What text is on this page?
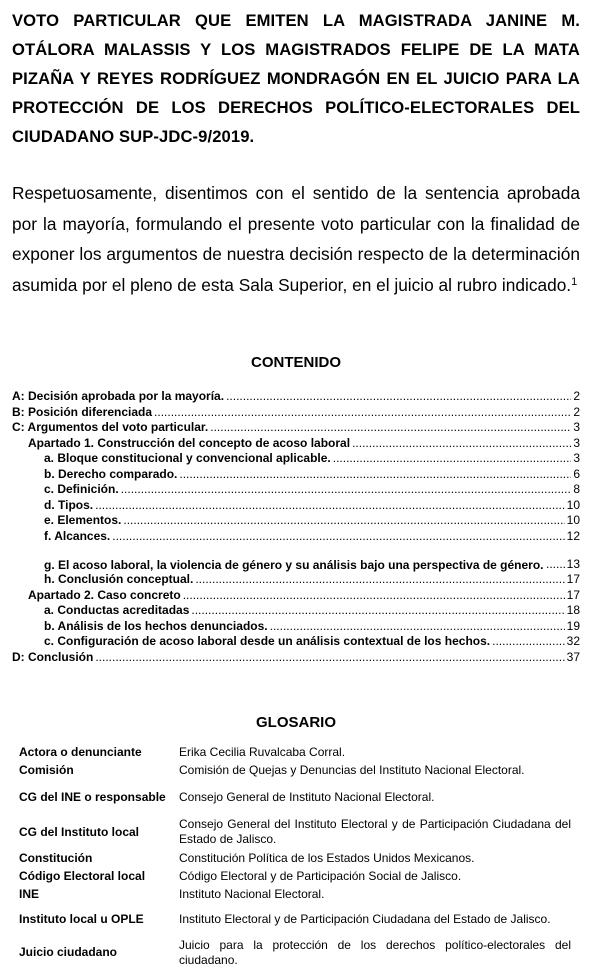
VOTO PARTICULAR QUE EMITEN LA MAGISTRADA JANINE M. OTÁLORA MALASSIS Y LOS MAGISTRADOS FELIPE DE LA MATA PIZAÑA Y REYES RODRÍGUEZ MONDRAGÓN EN EL JUICIO PARA LA PROTECCIÓN DE LOS DERECHOS POLÍTICO-ELECTORALES DEL CIUDADANO SUP-JDC-9/2019.

Respetuosamente, disentimos con el sentido de la sentencia aprobada por la mayoría, formulando el presente voto particular con la finalidad de exponer los argumentos de nuestra decisión respecto de la determinación asumida por el pleno de esta Sala Superior, en el juicio al rubro indicado.$^1$

CONTENIDO
A: Decisión aprobada por la mayoría. .....	2
B: Posición diferenciada .....	2
C: Argumentos del voto particular. .....	3
Apartado 1. Construcción del concepto de acoso laboral .....	3
a. Bloque constitucional y convencional aplicable. .....	3
b. Derecho comparado. .....	6
c. Definición. .....	8
d. Tipos. .....	10
e. Elementos. .....	10
f. Alcances. .....	12
g. El acoso laboral, la violencia de género y su análisis bajo una perspectiva de género. ..... 13
h. Conclusión conceptual. .....	17
Apartado 2. Caso concreto .....	17
a. Conductas acreditadas .....	18
b. Análisis de los hechos denunciados. .....	19
c. Configuración de acoso laboral desde un análisis contextual de los hechos. .....	32
D: Conclusión .....	37
GLOSARIO
Actora o denunciante	Erika Cecilia Ruvalcaba Corral.
Comisión	Comisión de Quejas y Denuncias del Instituto Nacional Electoral.
CG del INE o responsable	Consejo General de Instituto Nacional Electoral.
CG del Instituto local	Consejo General del Instituto Electoral y de Participación Ciudadana del Estado de Jalisco.
Constitución	Constitución Política de los Estados Unidos Mexicanos.
Código Electoral local	Código Electoral y de Participación Social de Jalisco.
INE	Instituto Nacional Electoral.
Instituto local u OPLE	Instituto Electoral y de Participación Ciudadana del Estado de Jalisco.
Juicio ciudadano	Juicio para la protección de los derechos político-electorales del ciudadano.
